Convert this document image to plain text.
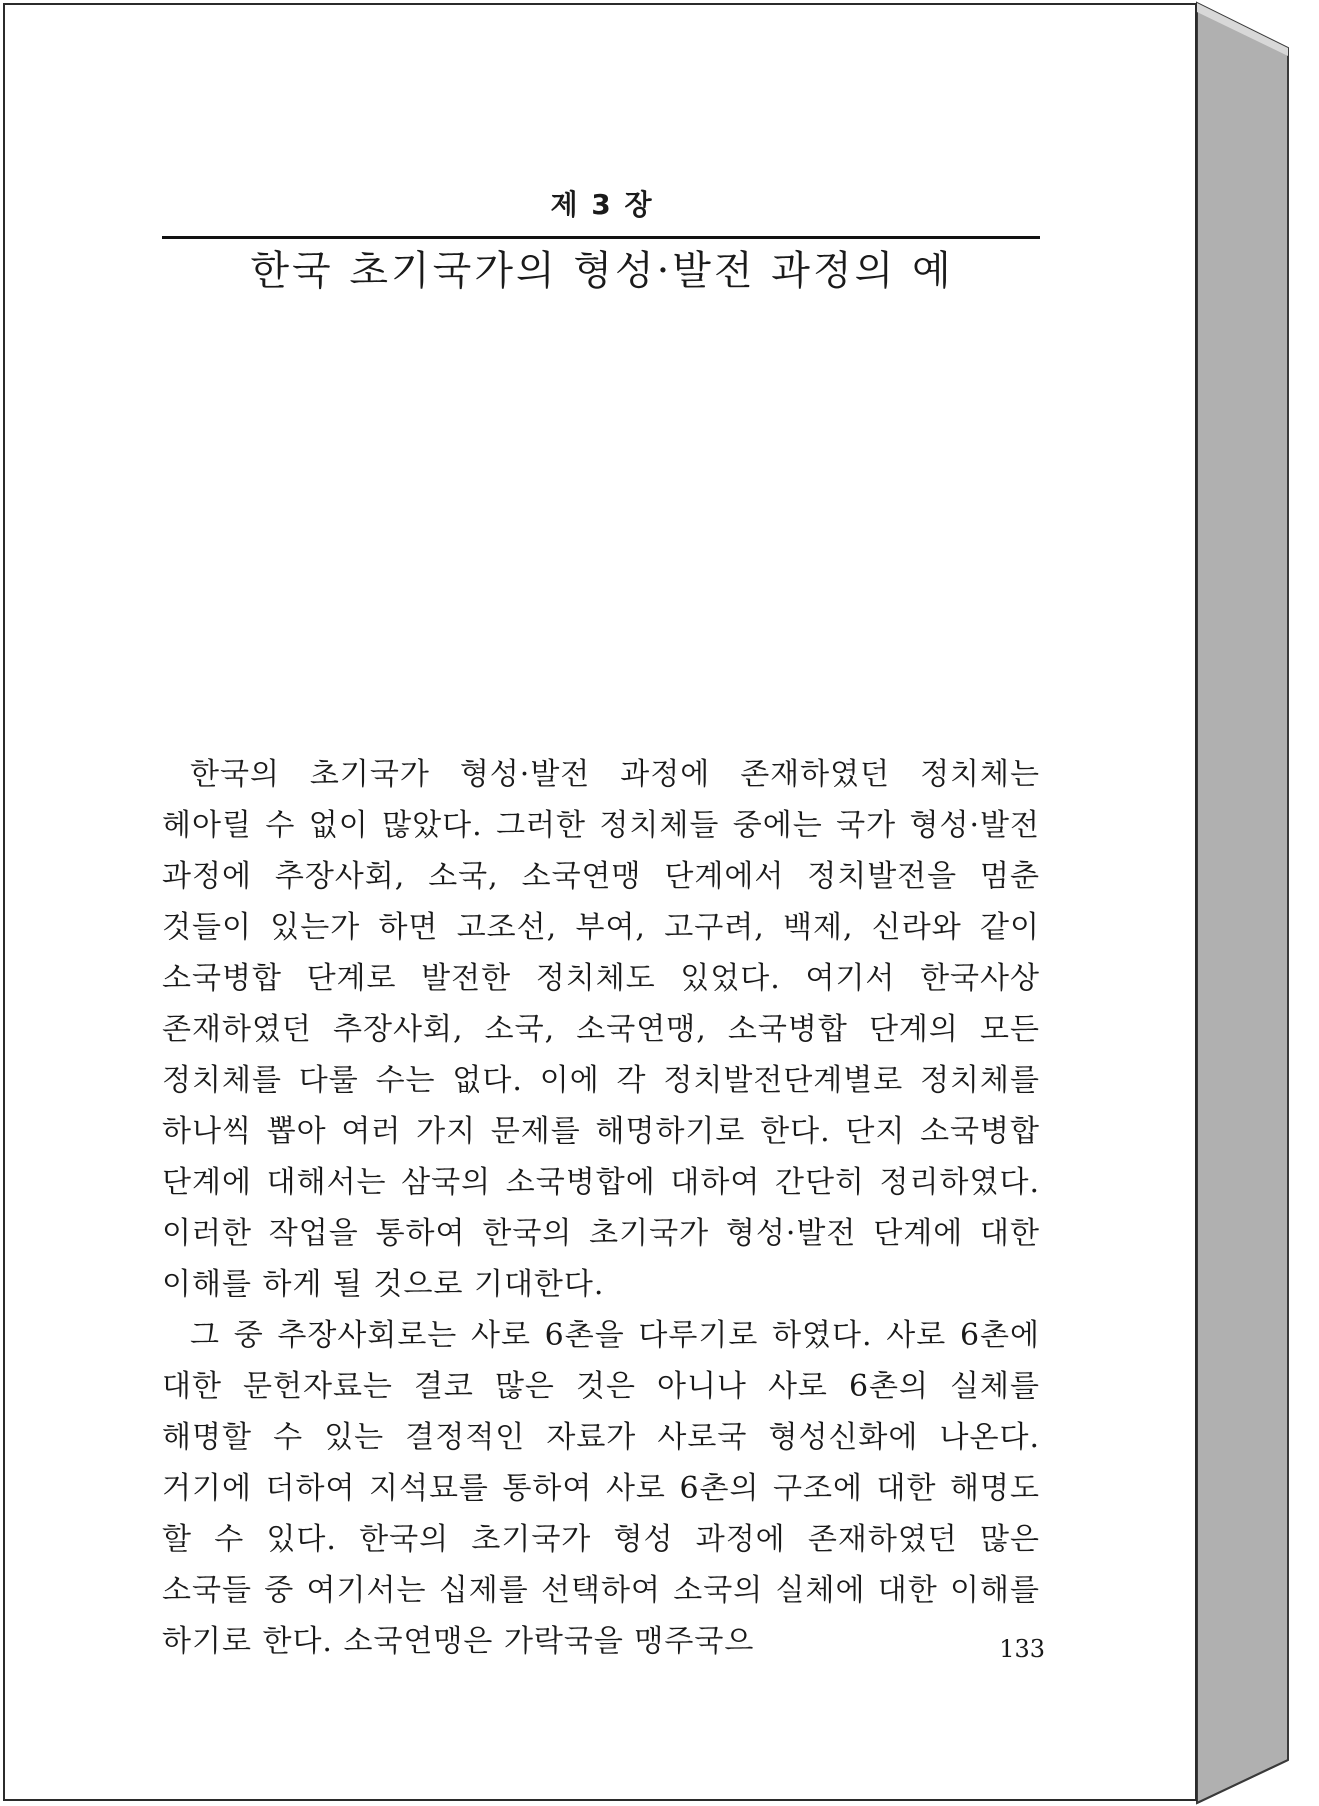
제 3 장
한국 초기국가의 형성·발전 과정의 예

한국의 초기국가 형성·발전 과정에 존재하였던 정치체는 헤아릴 수 없이 많았다. 그러한 정치체들 중에는 국가 형성·발전 과정에 추장사회, 소국, 소국연맹 단계에서 정치발전을 멈춘 것들이 있는가 하면 고조선, 부여, 고구려, 백제, 신라와 같이 소국병합 단계로 발전한 정치체도 있었다. 여기서 한국사상 존재하였던 추장사회, 소국, 소국연맹, 소국병합 단계의 모든 정치체를 다룰 수는 없다. 이에 각 정치발전단계별로 정치체를 하나씩 뽑아 여러 가지 문제를 해명하기로 한다. 단지 소국병합 단계에 대해서는 삼국의 소국병합에 대하여 간단히 정리하였다. 이러한 작업을 통하여 한국의 초기국가 형성·발전 단계에 대한 이해를 하게 될 것으로 기대한다.

그 중 추장사회로는 사로 6촌을 다루기로 하였다. 사로 6촌에 대한 문헌자료는 결코 많은 것은 아니나 사로 6촌의 실체를 해명할 수 있는 결정적인 자료가 사로국 형성신화에 나온다. 거기에 더하여 지석묘를 통하여 사로 6촌의 구조에 대한 해명도 할 수 있다. 한국의 초기국가 형성 과정에 존재하였던 많은 소국들 중 여기서는 십제를 선택하여 소국의 실체에 대한 이해를 하기로 한다. 소국연맹은 가락국을 맹주국으	133
